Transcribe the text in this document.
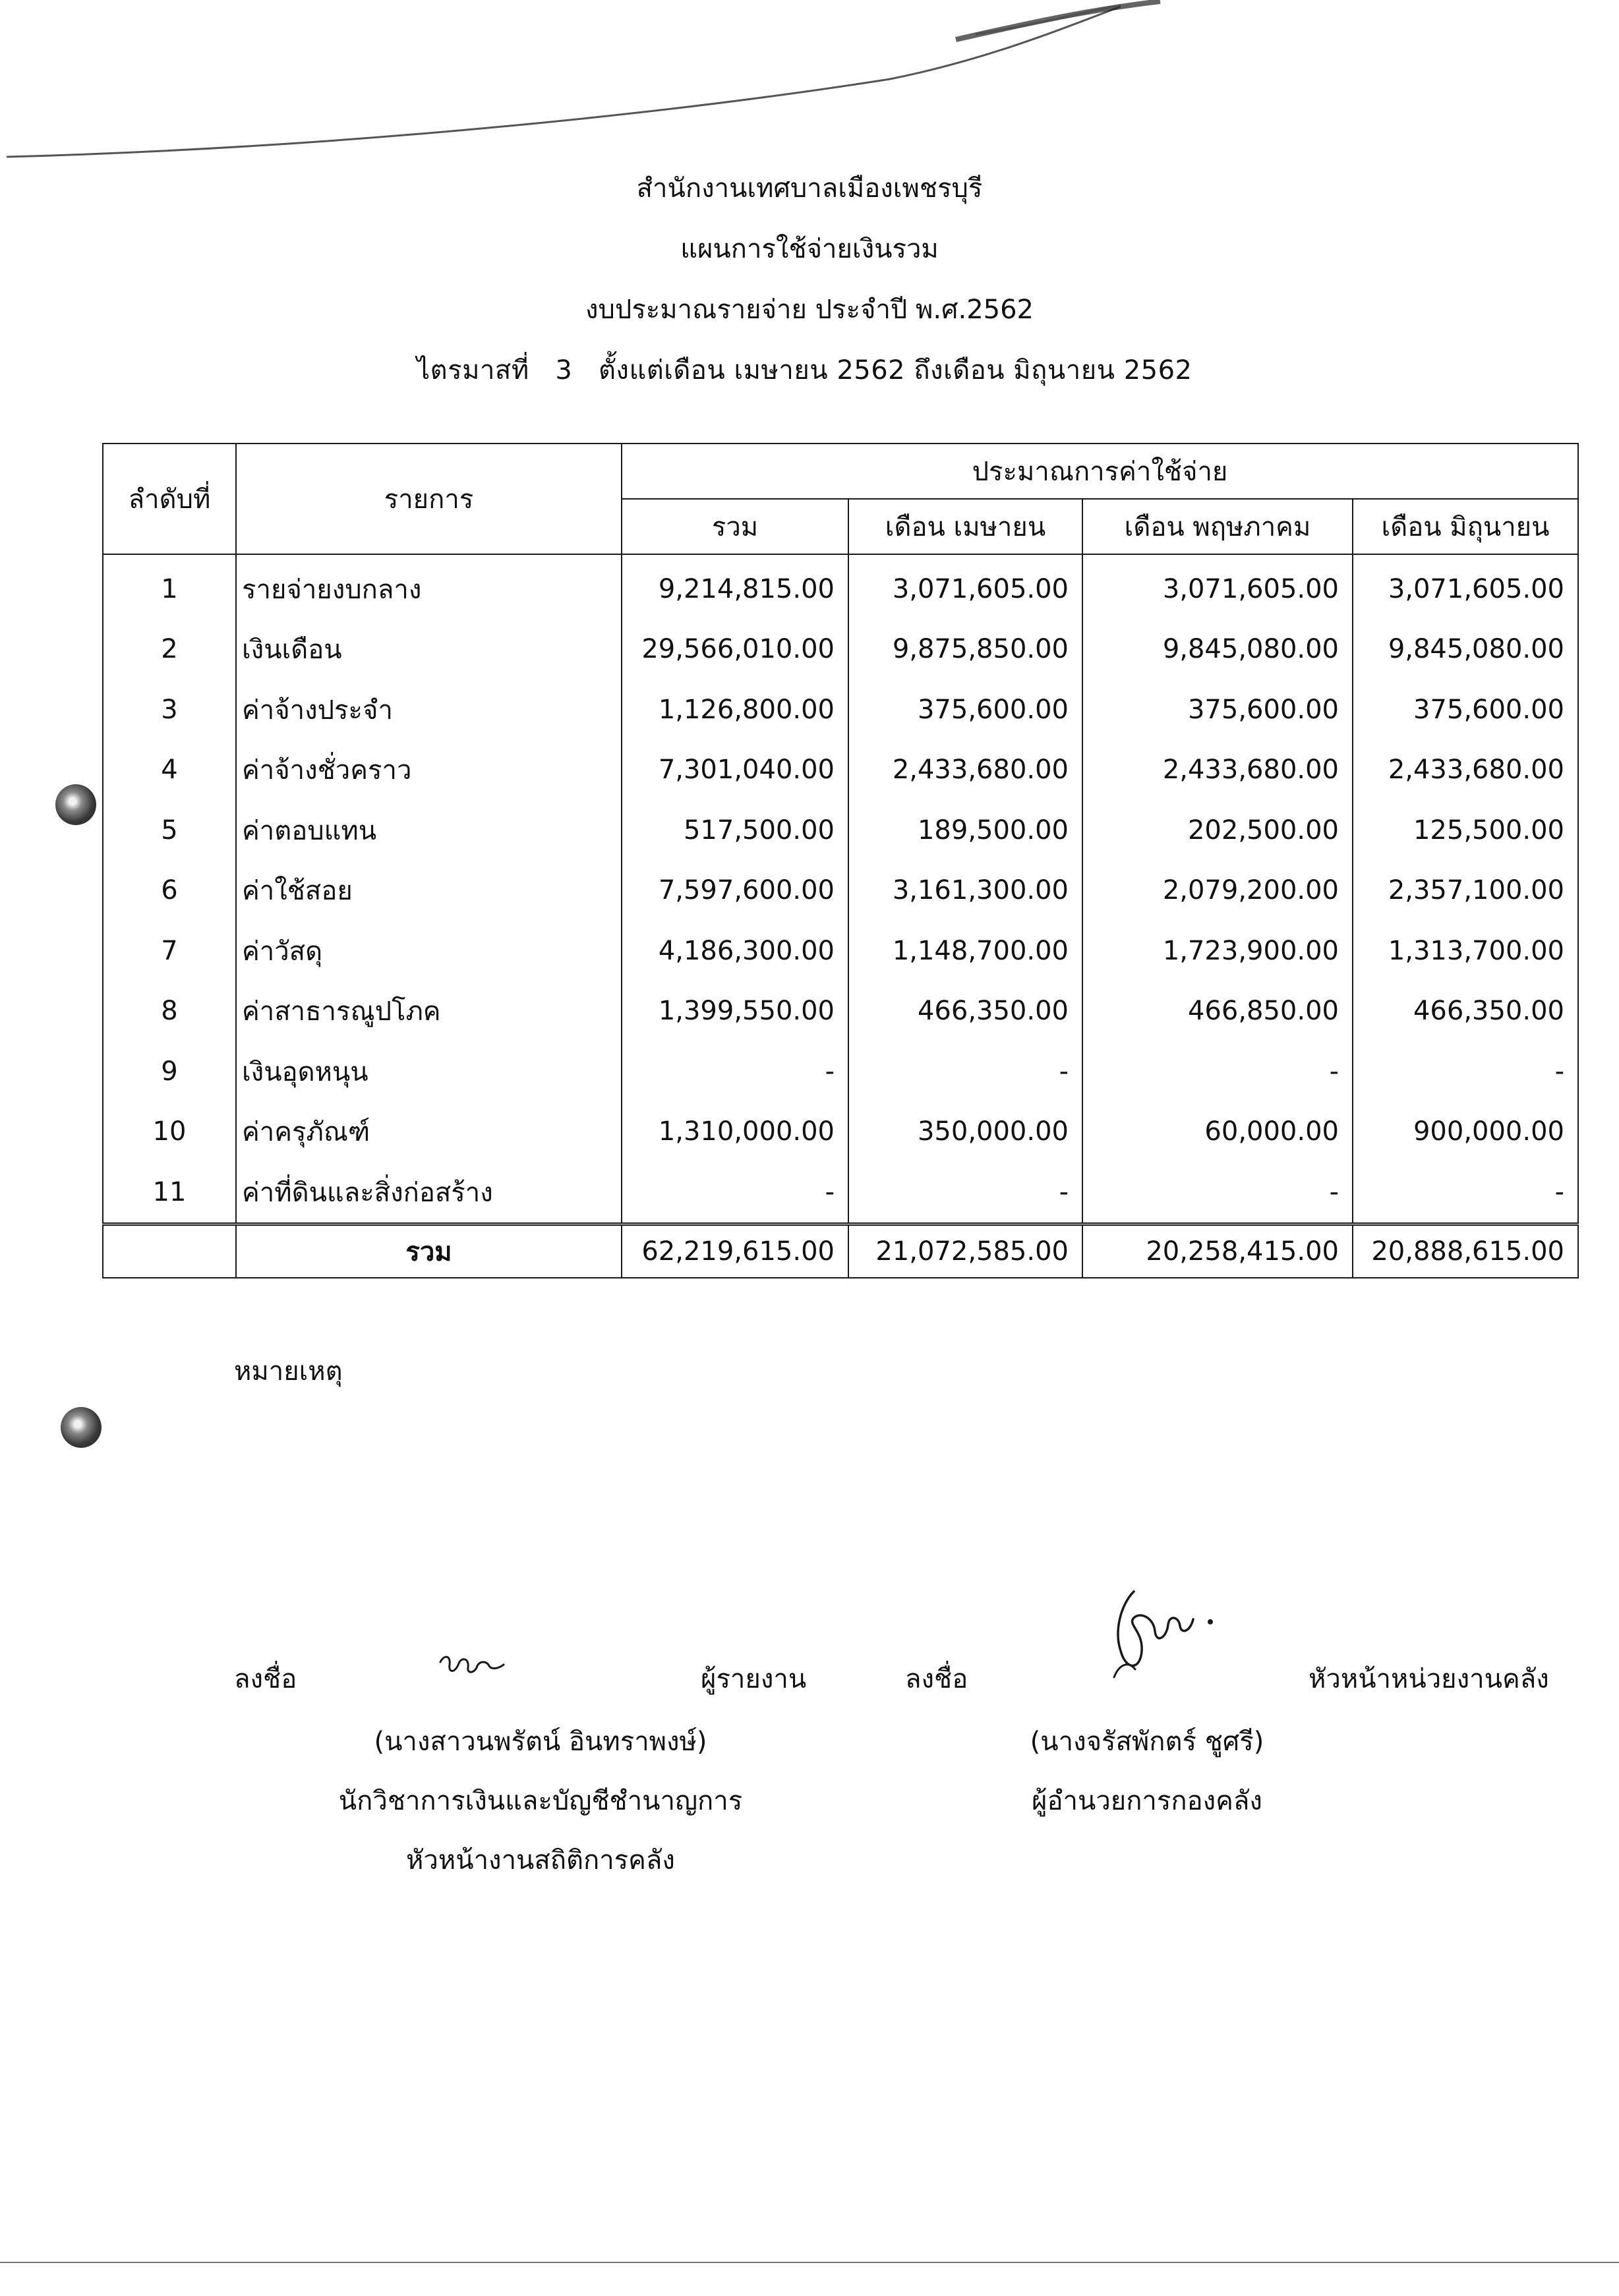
สำนักงานเทศบาลเมืองเพชรบุรี
แผนการใช้จ่ายเงินรวม
งบประมาณรายจ่าย ประจำปี พ.ศ.2562
ไตรมาสที่ 3 ตั้งแต่เดือน เมษายน 2562 ถึงเดือน มิถุนายน 2562
ลำดับที่	รายการ	ประมาณการค่าใช้จ่าย			
		รวม	เดือน เมษายน	เดือน พฤษภาคม	เดือน มิถุนายน
1	รายจ่ายงบกลาง	9,214,815.00	3,071,605.00	3,071,605.00	3,071,605.00
2	เงินเดือน	29,566,010.00	9,875,850.00	9,845,080.00	9,845,080.00
3	ค่าจ้างประจำ	1,126,800.00	375,600.00	375,600.00	375,600.00
4	ค่าจ้างชั่วคราว	7,301,040.00	2,433,680.00	2,433,680.00	2,433,680.00
5	ค่าตอบแทน	517,500.00	189,500.00	202,500.00	125,500.00
6	ค่าใช้สอย	7,597,600.00	3,161,300.00	2,079,200.00	2,357,100.00
7	ค่าวัสดุ	4,186,300.00	1,148,700.00	1,723,900.00	1,313,700.00
8	ค่าสาธารณูปโภค	1,399,550.00	466,350.00	466,850.00	466,350.00
9	เงินอุดหนุน	-	-	-	-
10	ค่าครุภัณฑ์	1,310,000.00	350,000.00	60,000.00	900,000.00
11	ค่าที่ดินและสิ่งก่อสร้าง	-	-	-	-
	รวม	62,219,615.00	21,072,585.00	20,258,415.00	20,888,615.00
หมายเหตุ
ลงชื่อ	ผู้รายงาน	ลงชื่อ	หัวหน้าหน่วยงานคลัง
(นางสาวนพรัตน์ อินทราพงษ์)
นักวิชาการเงินและบัญชีชำนาญการ
หัวหน้างานสถิติการคลัง
(นางจรัสพักตร์ ชูศรี)
ผู้อำนวยการกองคลัง
